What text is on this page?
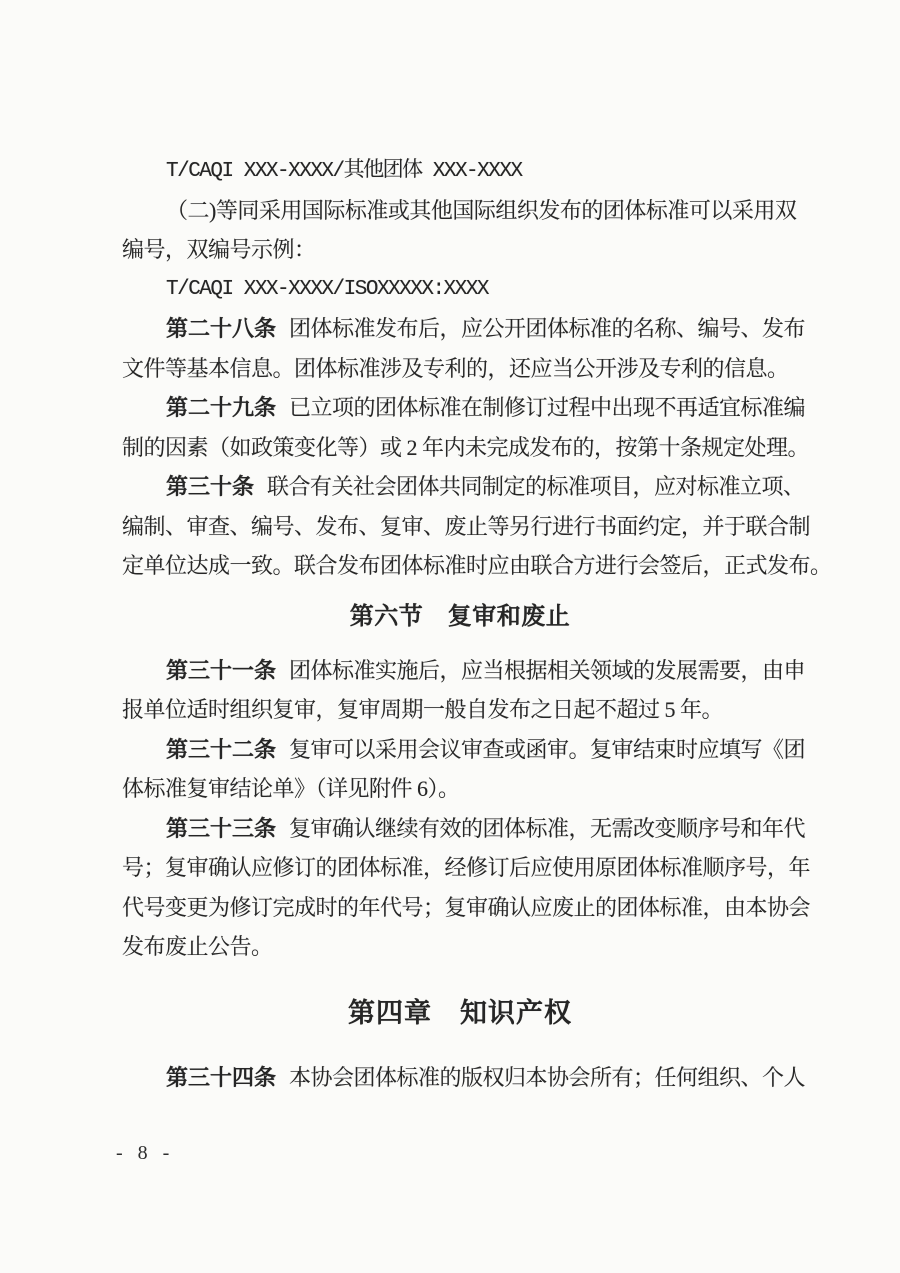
T/CAQI XXX-XXXX/其他团体 XXX-XXXX
（二)等同采用国际标准或其他国际组织发布的团体标准可以采用双
编号，双编号示例：
T/CAQI XXX-XXXX/ISOXXXXX:XXXX
第二十八条 团体标准发布后，应公开团体标准的名称、编号、发布
文件等基本信息。团体标准涉及专利的，还应当公开涉及专利的信息。
第二十九条 已立项的团体标准在制修订过程中出现不再适宜标准编
制的因素（如政策变化等）或 2 年内未完成发布的，按第十条规定处理。
第三十条 联合有关社会团体共同制定的标准项目，应对标准立项、
编制、审查、编号、发布、复审、废止等另行进行书面约定，并于联合制
定单位达成一致。联合发布团体标准时应由联合方进行会签后，正式发布。
第六节　复审和废止
第三十一条 团体标准实施后，应当根据相关领域的发展需要，由申
报单位适时组织复审，复审周期一般自发布之日起不超过 5 年。
第三十二条 复审可以采用会议审查或函审。复审结束时应填写《团
体标准复审结论单》（详见附件 6）。
第三十三条 复审确认继续有效的团体标准，无需改变顺序号和年代
号；复审确认应修订的团体标准，经修订后应使用原团体标准顺序号，年
代号变更为修订完成时的年代号；复审确认应废止的团体标准，由本协会
发布废止公告。
第四章　知识产权
第三十四条 本协会团体标准的版权归本协会所有；任何组织、个人
- 8 -
